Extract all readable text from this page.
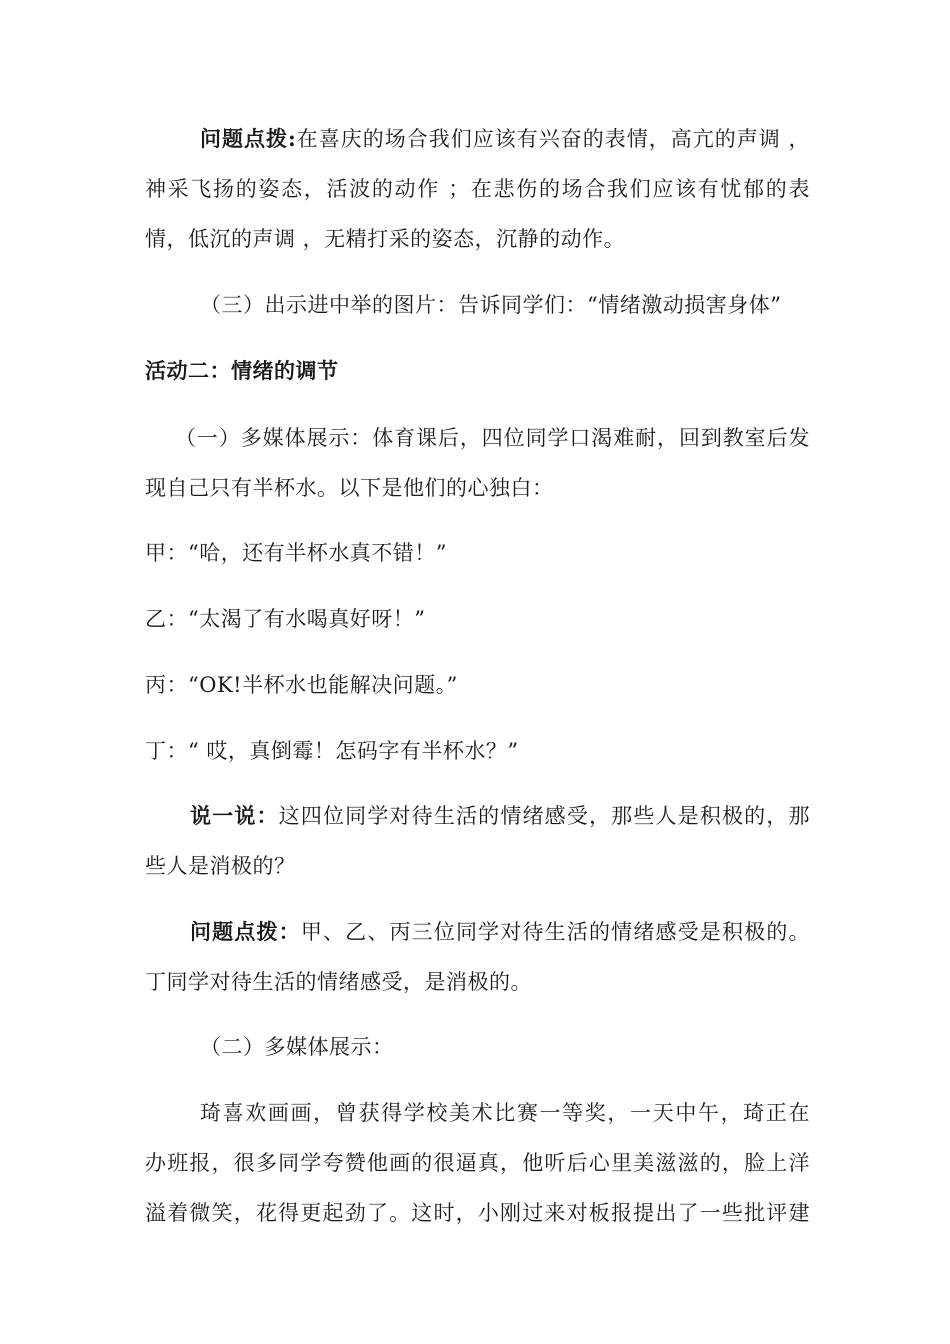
问题点拨:在喜庆的场合我们应该有兴奋的表情，高亢的声调 ，
神采飞扬的姿态，活波的动作 ；在悲伤的场合我们应该有忧郁的表
情，低沉的声调 ，无精打采的姿态，沉静的动作。
（三）出示进中举的图片：告诉同学们：“情绪激动损害身体”
活动二：情绪的调节
（一）多媒体展示：体育课后，四位同学口渴难耐，回到教室后发
现自己只有半杯水。以下是他们的心独白：
甲：“哈，还有半杯水真不错！”
乙：“太渴了有水喝真好呀！”
丙：“OK!半杯水也能解决问题。”
丁：“ 哎，真倒霉！怎码字有半杯水？”
说一说：这四位同学对待生活的情绪感受，那些人是积极的，那
些人是消极的？
问题点拨：甲、乙、丙三位同学对待生活的情绪感受是积极的。
丁同学对待生活的情绪感受，是消极的。
（二）多媒体展示：
琦喜欢画画，曾获得学校美术比赛一等奖，一天中午，琦正在
办班报，很多同学夸赞他画的很逼真，他听后心里美滋滋的，脸上洋
溢着微笑，花得更起劲了。这时，小刚过来对板报提出了一些批评建
